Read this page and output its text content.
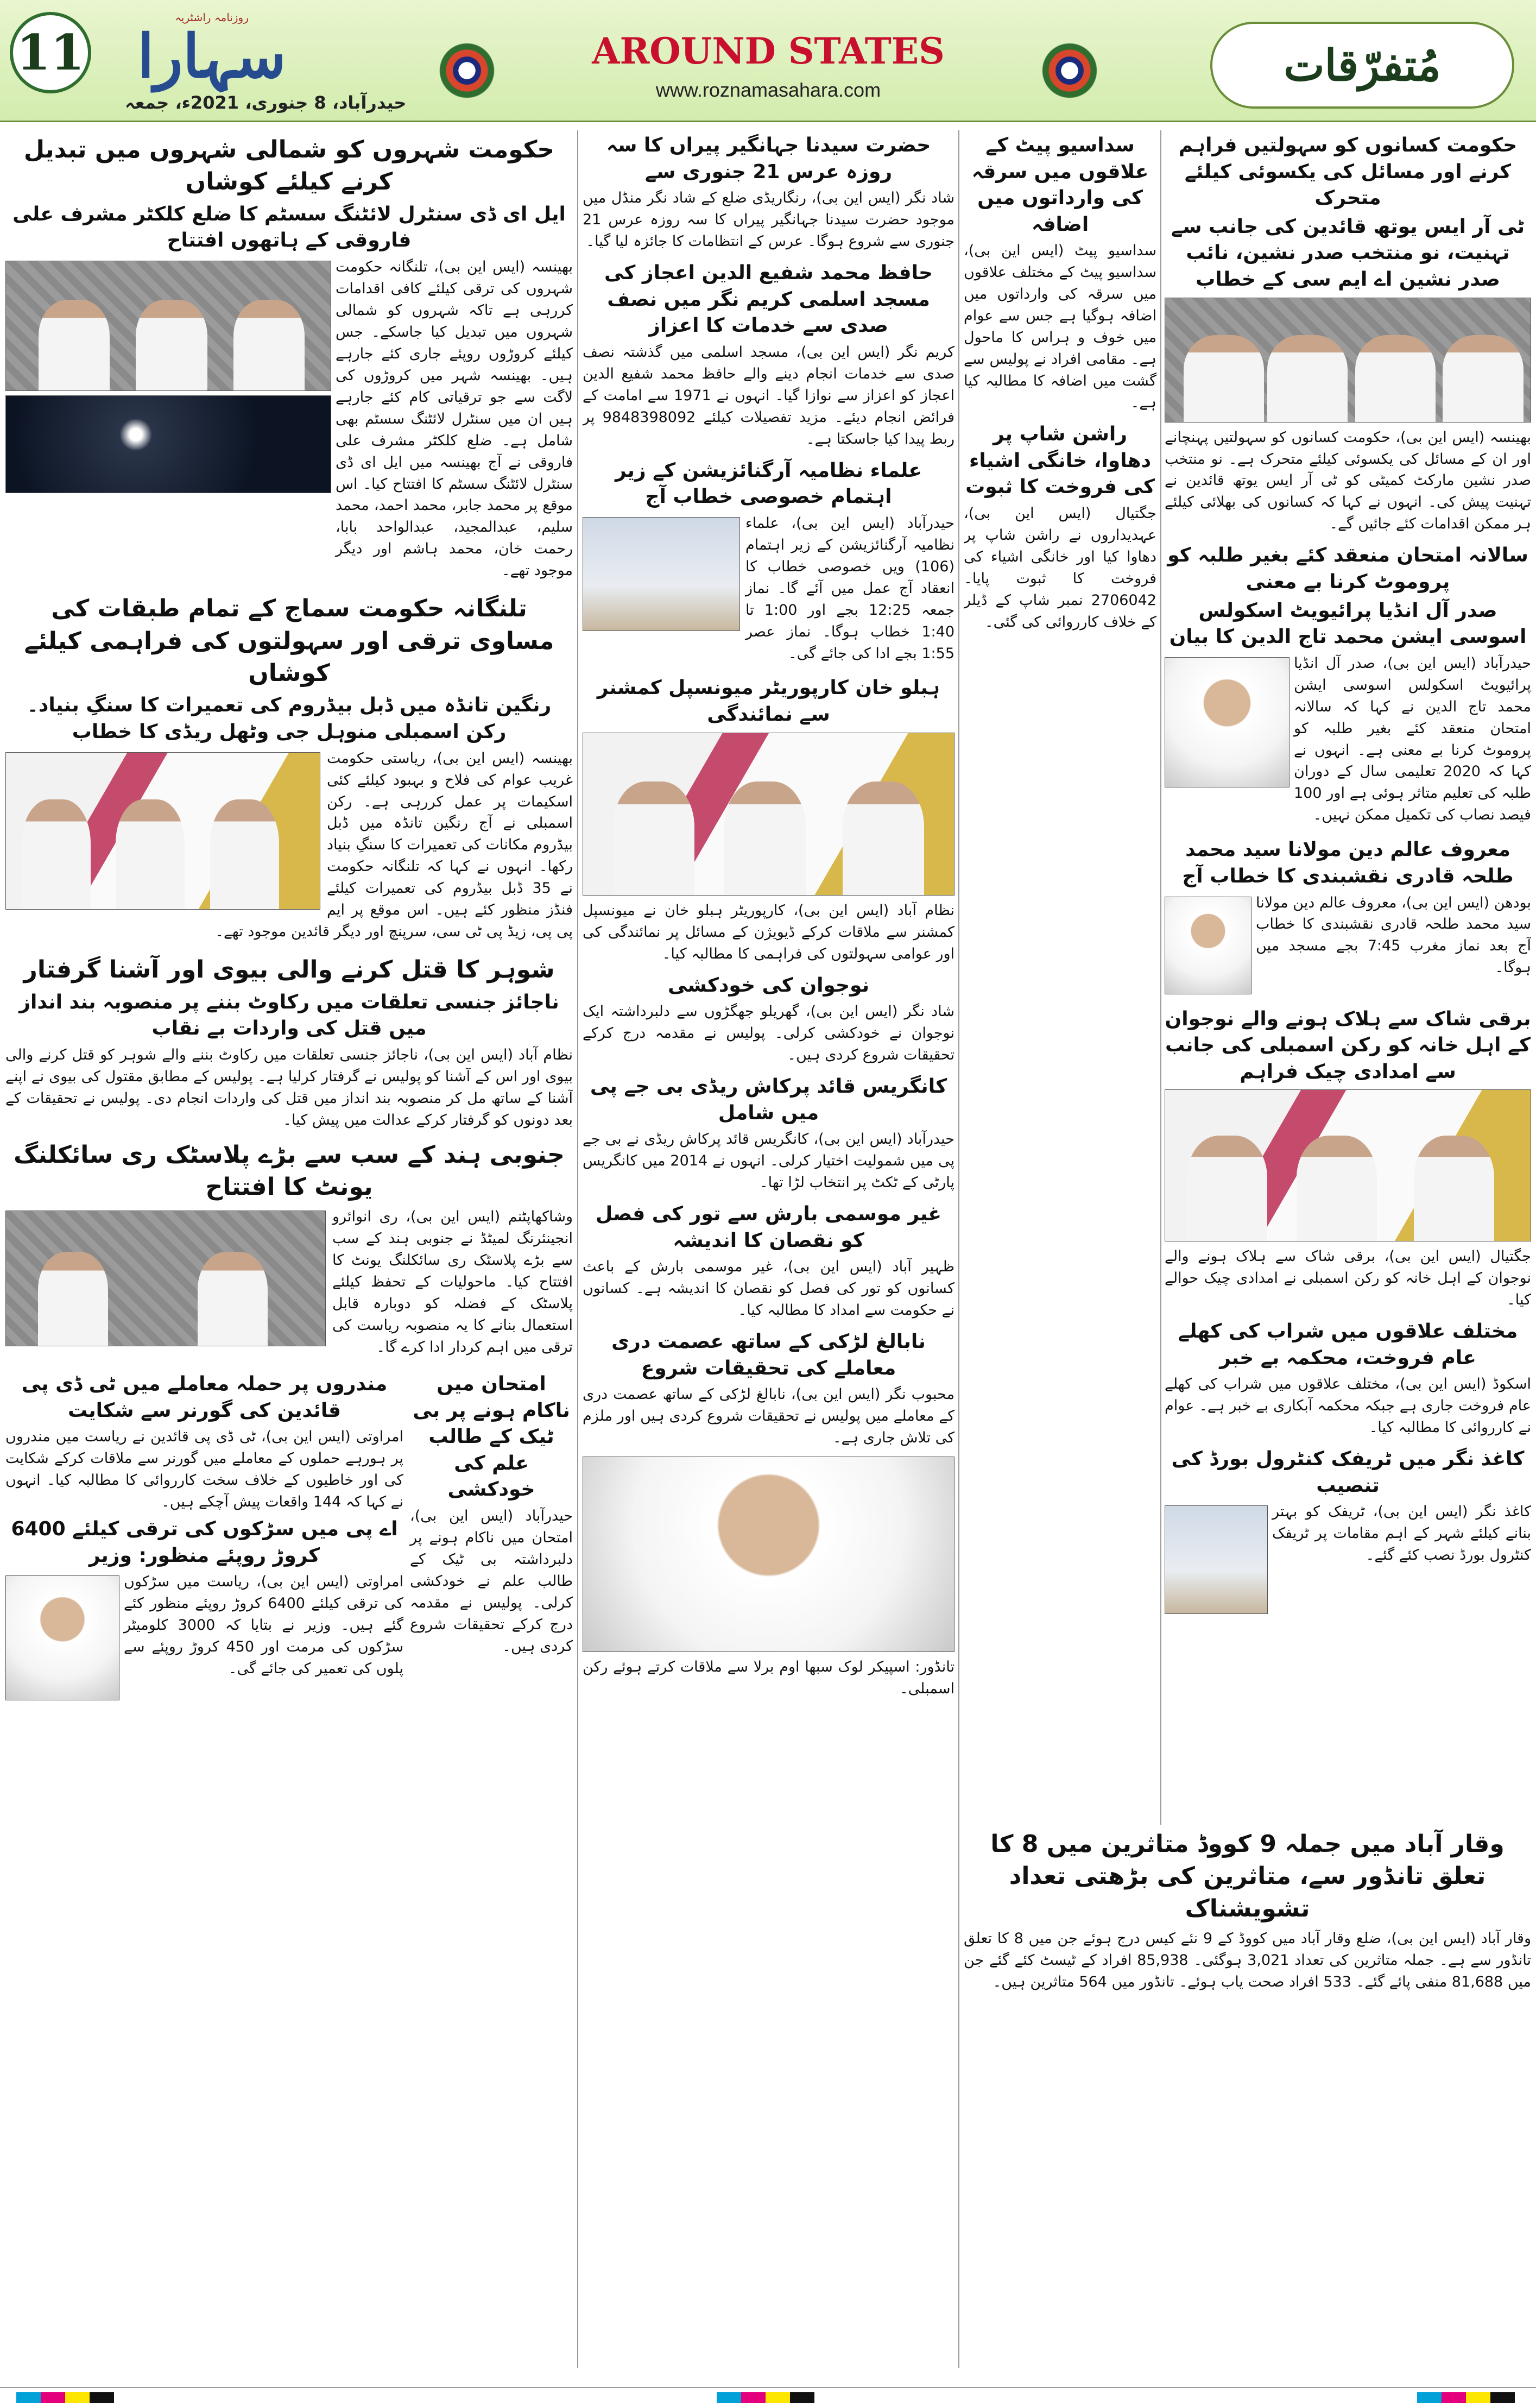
11
روزنامہ راشٹریہ
سہارا
حیدرآباد، 8 جنوری، 2021ء، جمعہ
AROUND STATES
www.roznamasahara.com	مُتفرّقات
حکومت شہروں کو شمالی شہروں میں تبدیل کرنے کیلئے کوشاں
ایل ای ڈی سنٹرل لائٹنگ سسٹم کا ضلع کلکٹر مشرف علی فاروقی کے ہاتھوں افتتاح

بھینسہ (ایس این بی)، تلنگانہ حکومت شہروں کی ترقی کیلئے کافی اقدامات کررہی ہے تاکہ شہروں کو شمالی شہروں میں تبدیل کیا جاسکے۔ جس کیلئے کروڑوں روپئے جاری کئے جارہے ہیں۔ بھینسہ شہر میں کروڑوں کی لاگت سے جو ترقیاتی کام کئے جارہے ہیں ان میں سنٹرل لائٹنگ سسٹم بھی شامل ہے۔ ضلع کلکٹر مشرف علی فاروقی نے آج بھینسہ میں ایل ای ڈی سنٹرل لائٹنگ سسٹم کا افتتاح کیا۔ اس موقع پر محمد جابر، محمد احمد، محمد سلیم، عبدالمجید، عبدالواحد بابا، رحمت خان، محمد ہاشم اور دیگر موجود تھے۔

تلنگانہ حکومت سماج کے تمام طبقات کی مساوی ترقی اور سہولتوں کی فراہمی کیلئے کوشاں
رنگین تانڈہ میں ڈبل بیڈروم کی تعمیرات کا سنگِ بنیاد۔ رکن اسمبلی منوہل جی وٹھل ریڈی کا خطاب

بھینسہ (ایس این بی)، ریاستی حکومت غریب عوام کی فلاح و بہبود کیلئے کئی اسکیمات پر عمل کررہی ہے۔ رکن اسمبلی نے آج رنگین تانڈہ میں ڈبل بیڈروم مکانات کی تعمیرات کا سنگِ بنیاد رکھا۔ انہوں نے کہا کہ تلنگانہ حکومت نے 35 ڈبل بیڈروم کی تعمیرات کیلئے فنڈز منظور کئے ہیں۔ اس موقع پر ایم پی پی، زیڈ پی ٹی سی، سرپنچ اور دیگر قائدین موجود تھے۔

شوہر کا قتل کرنے والی بیوی اور آشنا گرفتار
ناجائز جنسی تعلقات میں رکاوٹ بننے پر منصوبہ بند انداز میں قتل کی واردات بے نقاب

نظام آباد (ایس این بی)، ناجائز جنسی تعلقات میں رکاوٹ بننے والے شوہر کو قتل کرنے والی بیوی اور اس کے آشنا کو پولیس نے گرفتار کرلیا ہے۔ پولیس کے مطابق مقتول کی بیوی نے اپنے آشنا کے ساتھ مل کر منصوبہ بند انداز میں قتل کی واردات انجام دی۔ پولیس نے تحقیقات کے بعد دونوں کو گرفتار کرکے عدالت میں پیش کیا۔

جنوبی ہند کے سب سے بڑے پلاسٹک ری سائکلنگ یونٹ کا افتتاح

وشاکھاپٹنم (ایس این بی)، ری انوائرو انجینئرنگ لمیٹڈ نے جنوبی ہند کے سب سے بڑے پلاسٹک ری سائکلنگ یونٹ کا افتتاح کیا۔ ماحولیات کے تحفظ کیلئے پلاسٹک کے فضلہ کو دوبارہ قابل استعمال بنانے کا یہ منصوبہ ریاست کی ترقی میں اہم کردار ادا کرے گا۔

مندروں پر حملہ معاملے میں ٹی ڈی پی قائدین کی گورنر سے شکایت

امراوتی (ایس این بی)، ٹی ڈی پی قائدین نے ریاست میں مندروں پر ہورہے حملوں کے معاملے میں گورنر سے ملاقات کرکے شکایت کی اور خاطیوں کے خلاف سخت کارروائی کا مطالبہ کیا۔ انہوں نے کہا کہ 144 واقعات پیش آچکے ہیں۔

اے پی میں سڑکوں کی ترقی کیلئے 6400 کروڑ روپئے منظور: وزیر

امراوتی (ایس این بی)، ریاست میں سڑکوں کی ترقی کیلئے 6400 کروڑ روپئے منظور کئے گئے ہیں۔ وزیر نے بتایا کہ 3000 کلومیٹر سڑکوں کی مرمت اور 450 کروڑ روپئے سے پلوں کی تعمیر کی جائے گی۔

امتحان میں ناکام ہونے پر بی ٹیک کے طالب علم کی خودکشی

حیدرآباد (ایس این بی)، امتحان میں ناکام ہونے پر دلبرداشتہ بی ٹیک کے طالب علم نے خودکشی کرلی۔ پولیس نے مقدمہ درج کرکے تحقیقات شروع کردی ہیں۔

حضرت سیدنا جہانگیر پیراں کا سہ روزہ عرس 21 جنوری سے

شاد نگر (ایس این بی)، رنگاریڈی ضلع کے شاد نگر منڈل میں موجود حضرت سیدنا جہانگیر پیراں کا سہ روزہ عرس 21 جنوری سے شروع ہوگا۔ عرس کے انتظامات کا جائزہ لیا گیا۔

حافظ محمد شفیع الدین اعجاز کی مسجد اسلمی کریم نگر میں نصف صدی سے خدمات کا اعزاز

کریم نگر (ایس این بی)، مسجد اسلمی میں گذشتہ نصف صدی سے خدمات انجام دینے والے حافظ محمد شفیع الدین اعجاز کو اعزاز سے نوازا گیا۔ انہوں نے 1971 سے امامت کے فرائض انجام دیئے۔ مزید تفصیلات کیلئے 9848398092 پر ربط پیدا کیا جاسکتا ہے۔

علماء نظامیہ آرگنائزیشن کے زیر اہتمام خصوصی خطاب آج

حیدرآباد (ایس این بی)، علماء نظامیہ آرگنائزیشن کے زیر اہتمام (106) ویں خصوصی خطاب کا انعقاد آج عمل میں آئے گا۔ نماز جمعہ 12:25 بجے اور 1:00 تا 1:40 خطاب ہوگا۔ نماز عصر 1:55 بجے ادا کی جائے گی۔

ہبلو خان کارپوریٹر میونسپل کمشنر سے نمائندگی

نظام آباد (ایس این بی)، کارپوریٹر ہبلو خان نے میونسپل کمشنر سے ملاقات کرکے ڈیویژن کے مسائل پر نمائندگی کی اور عوامی سہولتوں کی فراہمی کا مطالبہ کیا۔

نوجوان کی خودکشی

شاد نگر (ایس این بی)، گھریلو جھگڑوں سے دلبرداشتہ ایک نوجوان نے خودکشی کرلی۔ پولیس نے مقدمہ درج کرکے تحقیقات شروع کردی ہیں۔

کانگریس قائد پرکاش ریڈی بی جے پی میں شامل

حیدرآباد (ایس این بی)، کانگریس قائد پرکاش ریڈی نے بی جے پی میں شمولیت اختیار کرلی۔ انہوں نے 2014 میں کانگریس پارٹی کے ٹکٹ پر انتخاب لڑا تھا۔

غیر موسمی بارش سے تور کی فصل کو نقصان کا اندیشہ

ظہیر آباد (ایس این بی)، غیر موسمی بارش کے باعث کسانوں کو تور کی فصل کو نقصان کا اندیشہ ہے۔ کسانوں نے حکومت سے امداد کا مطالبہ کیا۔

نابالغ لڑکی کے ساتھ عصمت دری معاملے کی تحقیقات شروع

محبوب نگر (ایس این بی)، نابالغ لڑکی کے ساتھ عصمت دری کے معاملے میں پولیس نے تحقیقات شروع کردی ہیں اور ملزم کی تلاش جاری ہے۔

تانڈور: اسپیکر لوک سبھا اوم برلا سے ملاقات کرتے ہوئے رکن اسمبلی۔

سداسیو پیٹ کے علاقوں میں سرقہ کی وارداتوں میں اضافہ

سداسیو پیٹ (ایس این بی)، سداسیو پیٹ کے مختلف علاقوں میں سرقہ کی وارداتوں میں اضافہ ہوگیا ہے جس سے عوام میں خوف و ہراس کا ماحول ہے۔ مقامی افراد نے پولیس سے گشت میں اضافہ کا مطالبہ کیا ہے۔

راشن شاپ پر دھاوا، خانگی اشیاء کی فروخت کا ثبوت

جگتیال (ایس این بی)، عہدیداروں نے راشن شاپ پر دھاوا کیا اور خانگی اشیاء کی فروخت کا ثبوت پایا۔ 2706042 نمبر شاپ کے ڈیلر کے خلاف کارروائی کی گئی۔

حکومت کسانوں کو سہولتیں فراہم کرنے اور مسائل کی یکسوئی کیلئے متحرک
ٹی آر ایس یوتھ قائدین کی جانب سے تہنیت، نو منتخب صدر نشین، نائب صدر نشین اے ایم سی کے خطاب

بھینسہ (ایس این بی)، حکومت کسانوں کو سہولتیں پہنچانے اور ان کے مسائل کی یکسوئی کیلئے متحرک ہے۔ نو منتخب صدر نشین مارکٹ کمیٹی کو ٹی آر ایس یوتھ قائدین نے تہنیت پیش کی۔ انہوں نے کہا کہ کسانوں کی بھلائی کیلئے ہر ممکن اقدامات کئے جائیں گے۔

سالانہ امتحان منعقد کئے بغیر طلبہ کو پروموٹ کرنا بے معنی
صدر آل انڈیا پرائیویٹ اسکولس اسوسی ایشن محمد تاج الدین کا بیان

حیدرآباد (ایس این بی)، صدر آل انڈیا پرائیویٹ اسکولس اسوسی ایشن محمد تاج الدین نے کہا کہ سالانہ امتحان منعقد کئے بغیر طلبہ کو پروموٹ کرنا بے معنی ہے۔ انہوں نے کہا کہ 2020 تعلیمی سال کے دوران طلبہ کی تعلیم متاثر ہوئی ہے اور 100 فیصد نصاب کی تکمیل ممکن نہیں۔

معروف عالم دین مولانا سید محمد طلحہ قادری نقشبندی کا خطاب آج

بودھن (ایس این بی)، معروف عالم دین مولانا سید محمد طلحہ قادری نقشبندی کا خطاب آج بعد نماز مغرب 7:45 بجے مسجد میں ہوگا۔

برقی شاک سے ہلاک ہونے والے نوجوان کے اہل خانہ کو رکن اسمبلی کی جانب سے امدادی چیک فراہم

جگتیال (ایس این بی)، برقی شاک سے ہلاک ہونے والے نوجوان کے اہل خانہ کو رکن اسمبلی نے امدادی چیک حوالے کیا۔

مختلف علاقوں میں شراب کی کھلے عام فروخت، محکمہ بے خبر

اسکوڈ (ایس این بی)، مختلف علاقوں میں شراب کی کھلے عام فروخت جاری ہے جبکہ محکمہ آبکاری بے خبر ہے۔ عوام نے کارروائی کا مطالبہ کیا۔

کاغذ نگر میں ٹریفک کنٹرول بورڈ کی تنصیب

کاغذ نگر (ایس این بی)، ٹریفک کو بہتر بنانے کیلئے شہر کے اہم مقامات پر ٹریفک کنٹرول بورڈ نصب کئے گئے۔

وقار آباد میں جملہ 9 کووڈ متاثرین میں 8 کا تعلق تانڈور سے، متاثرین کی بڑھتی تعداد تشویشناک

وقار آباد (ایس این بی)، ضلع وقار آباد میں کووڈ کے 9 نئے کیس درج ہوئے جن میں 8 کا تعلق تانڈور سے ہے۔ جملہ متاثرین کی تعداد 3,021 ہوگئی۔ 85,938 افراد کے ٹیسٹ کئے گئے جن میں 81,688 منفی پائے گئے۔ 533 افراد صحت یاب ہوئے۔ تانڈور میں 564 متاثرین ہیں۔
